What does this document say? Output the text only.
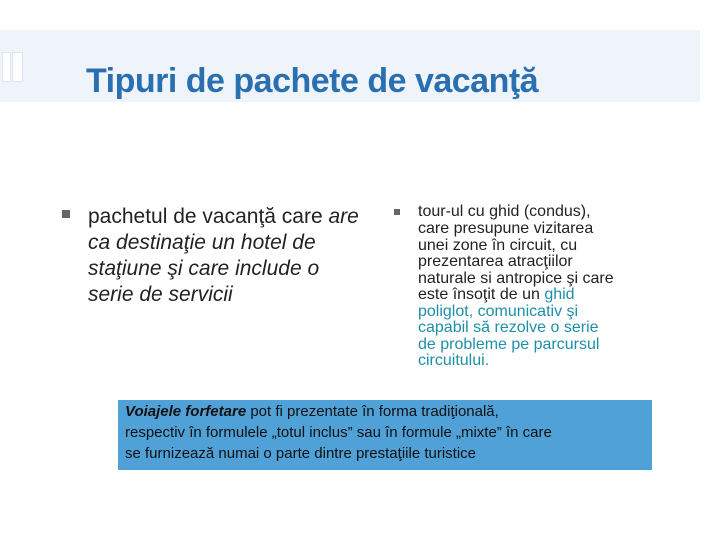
Tipuri de pachete de vacanţă
pachetul de vacanţă care are ca destinaţie un hotel de staţiune şi care include o serie de servicii
tour-ul cu ghid (condus),
care presupune vizitarea
unei zone în circuit, cu
prezentarea atracţiilor
naturale si antropice şi care
este însoţit de un ghid
poliglot, comunicativ şi
capabil să rezolve o serie
de probleme pe parcursul
circuitului.
Voiajele forfetare pot fi prezentate în forma tradiţională,
respectiv în formulele „totul inclus” sau în formule „mixte” în care
se furnizează numai o parte dintre prestaţiile turistice
